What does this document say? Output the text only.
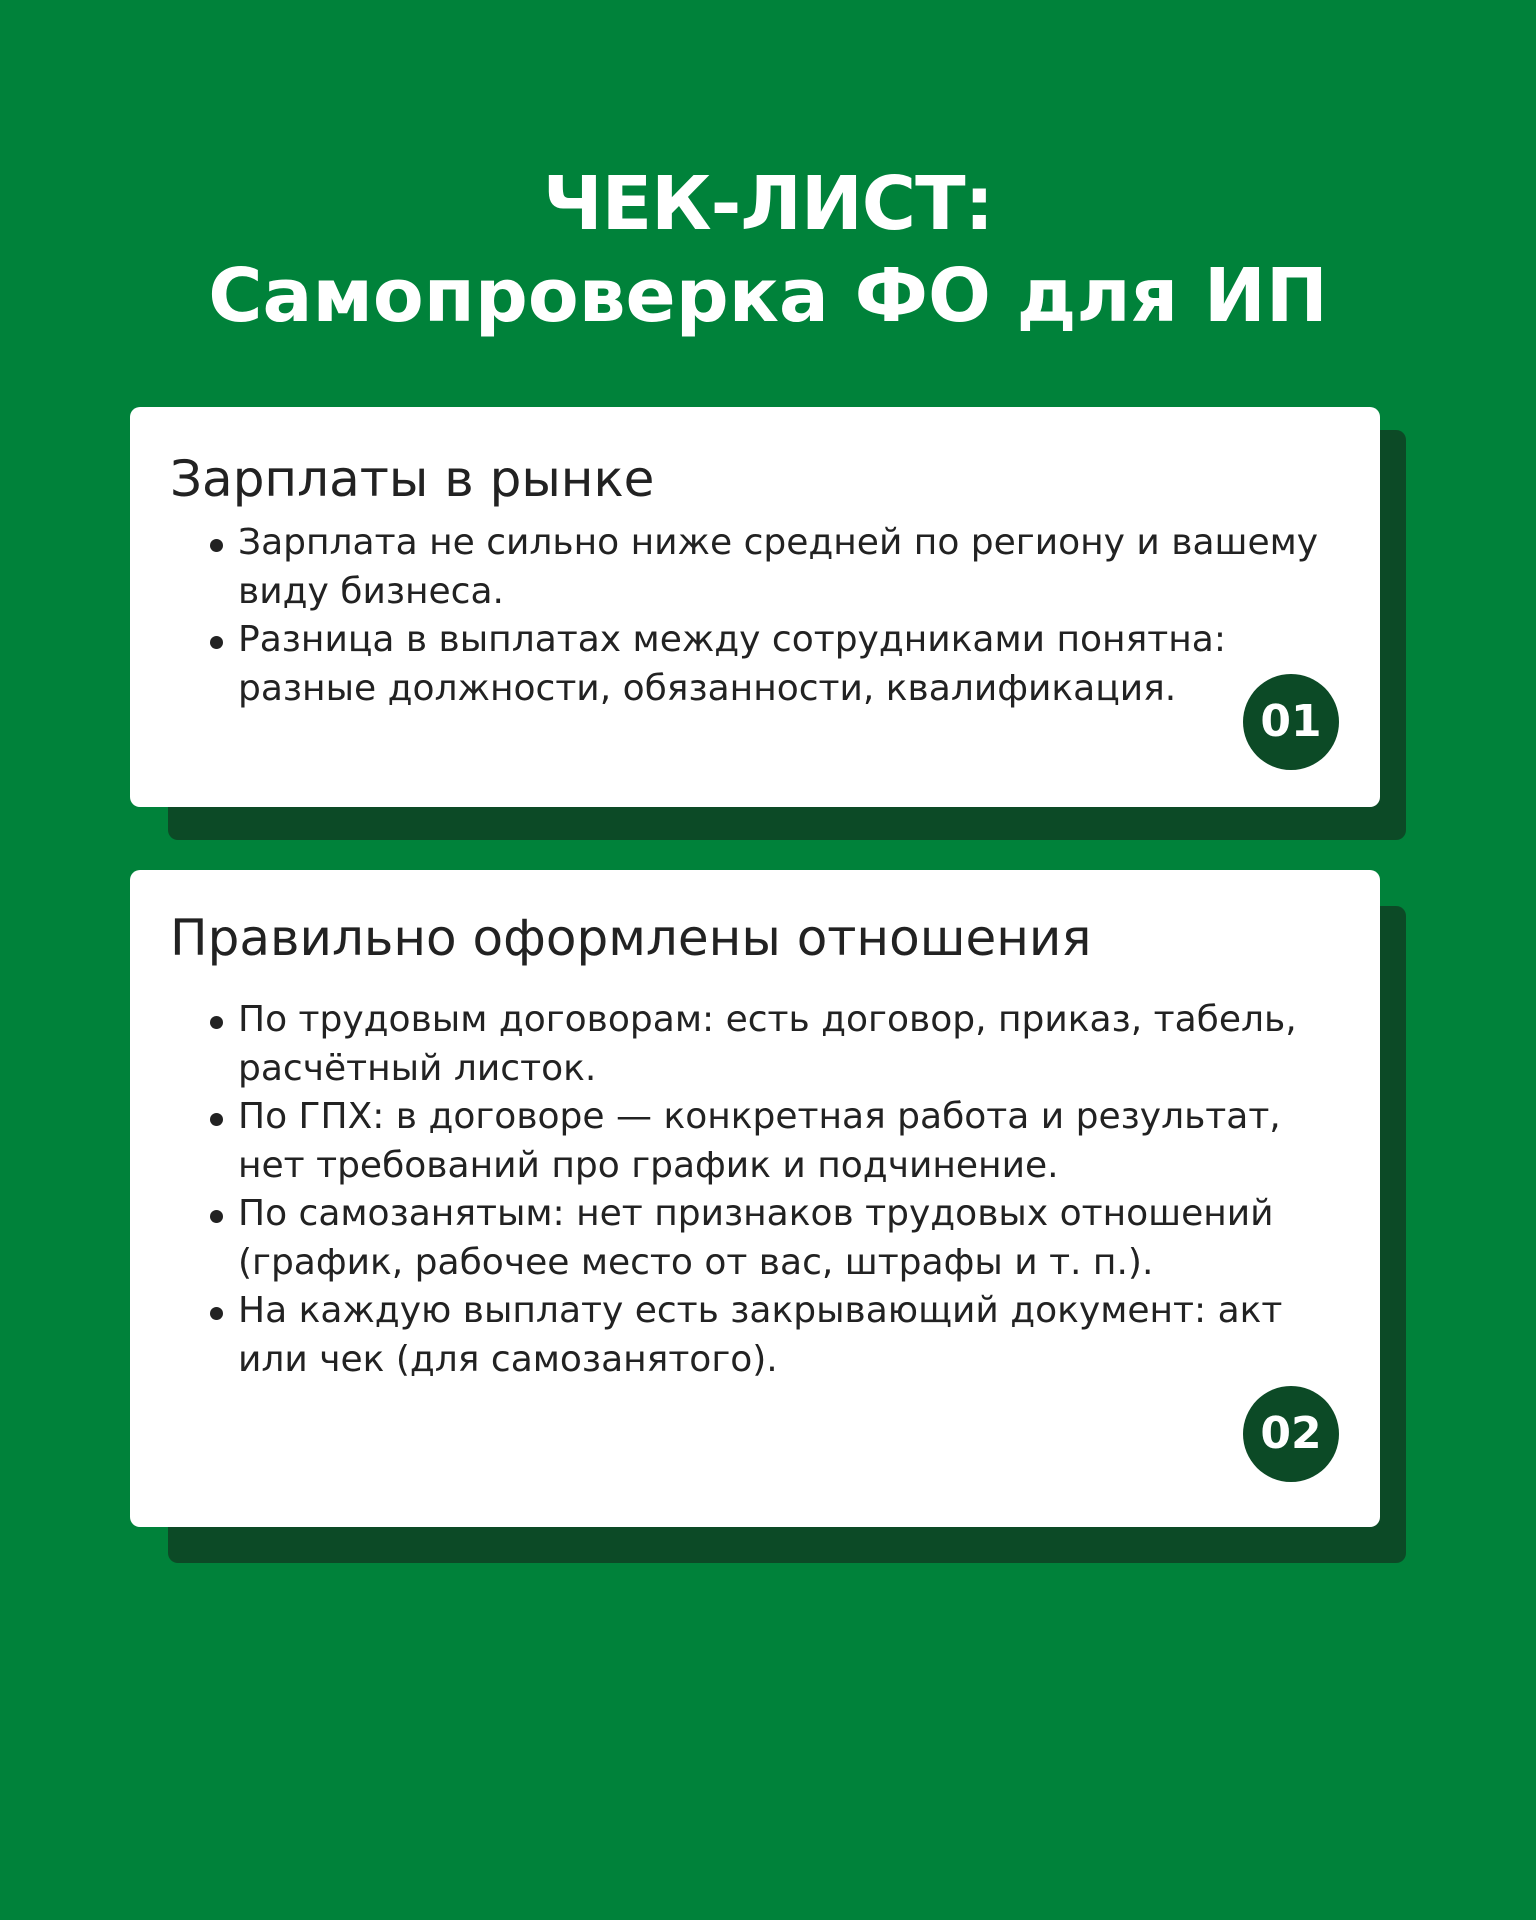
ЧЕК-ЛИСТ:
Самопроверка ФО для ИП
Зарплаты в рынке
Зарплата не сильно ниже средней по региону и вашему виду бизнеса.
Разница в выплатах между сотрудниками понятна: разные должности, обязанности, квалификация.
01
Правильно оформлены отношения
По трудовым договорам: есть договор, приказ, табель, расчётный листок.
По ГПХ: в договоре — конкретная работа и результат, нет требований про график и подчинение.
По самозанятым: нет признаков трудовых отношений (график, рабочее место от вас, штрафы и т. п.).
На каждую выплату есть закрывающий документ: акт или чек (для самозанятого).
02
